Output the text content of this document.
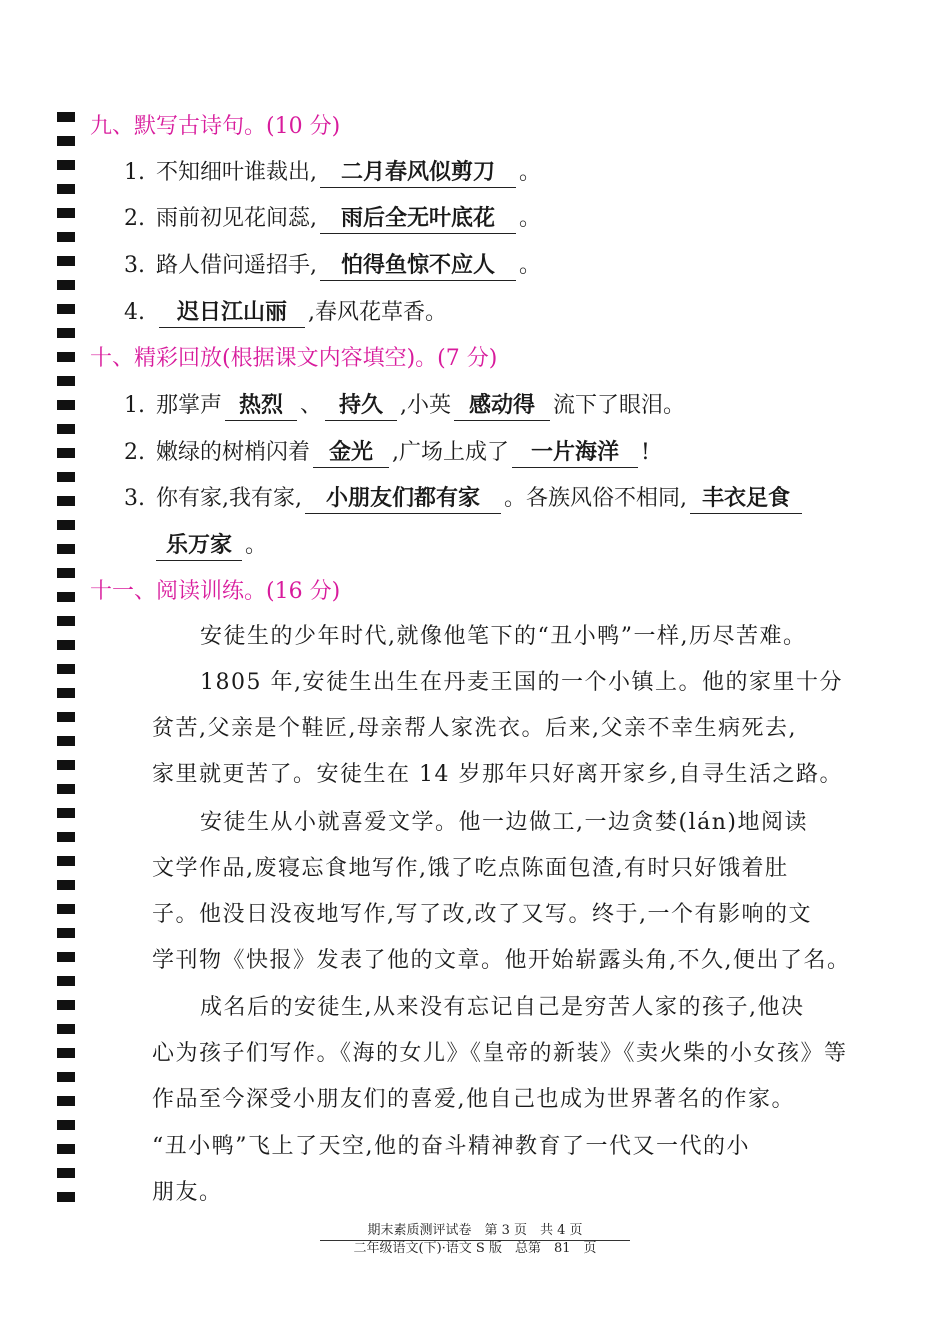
九、默写古诗句。(10 分)
1. 不知细叶谁裁出, 二月春风似剪刀 。
2. 雨前初见花间蕊, 雨后全无叶底花 。
3. 路人借问遥招手, 怕得鱼惊不应人 。
4. 迟日江山丽 ,春风花草香。
十、精彩回放(根据课文内容填空)。(7 分)
1. 那掌声 热烈 、 持久 ,小英 感动得 流下了眼泪。
2. 嫩绿的树梢闪着 金光 ,广场上成了 一片海洋 !
3. 你有家,我有家, 小朋友们都有家 。各族风俗不相同, 丰衣足食
乐万家 。
十一、阅读训练。(16 分)
安徒生的少年时代,就像他笔下的“丑小鸭”一样,历尽苦难。
1805 年,安徒生出生在丹麦王国的一个小镇上。他的家里十分
贫苦,父亲是个鞋匠,母亲帮人家洗衣。后来,父亲不幸生病死去,
家里就更苦了。安徒生在 14 岁那年只好离开家乡,自寻生活之路。
安徒生从小就喜爱文学。他一边做工,一边贪婪(lán)地阅读
文学作品,废寝忘食地写作,饿了吃点陈面包渣,有时只好饿着肚
子。他没日没夜地写作,写了改,改了又写。终于,一个有影响的文
学刊物《快报》发表了他的文章。他开始崭露头角,不久,便出了名。
成名后的安徒生,从来没有忘记自己是穷苦人家的孩子,他决
心为孩子们写作。《海的女儿》《皇帝的新装》《卖火柴的小女孩》等
作品至今深受小朋友们的喜爱,他自己也成为世界著名的作家。
“丑小鸭”飞上了天空,他的奋斗精神教育了一代又一代的小
朋友。
期末素质测评试卷　第 3 页　共 4 页
二年级语文(下)·语文 S 版　总第　81　页
